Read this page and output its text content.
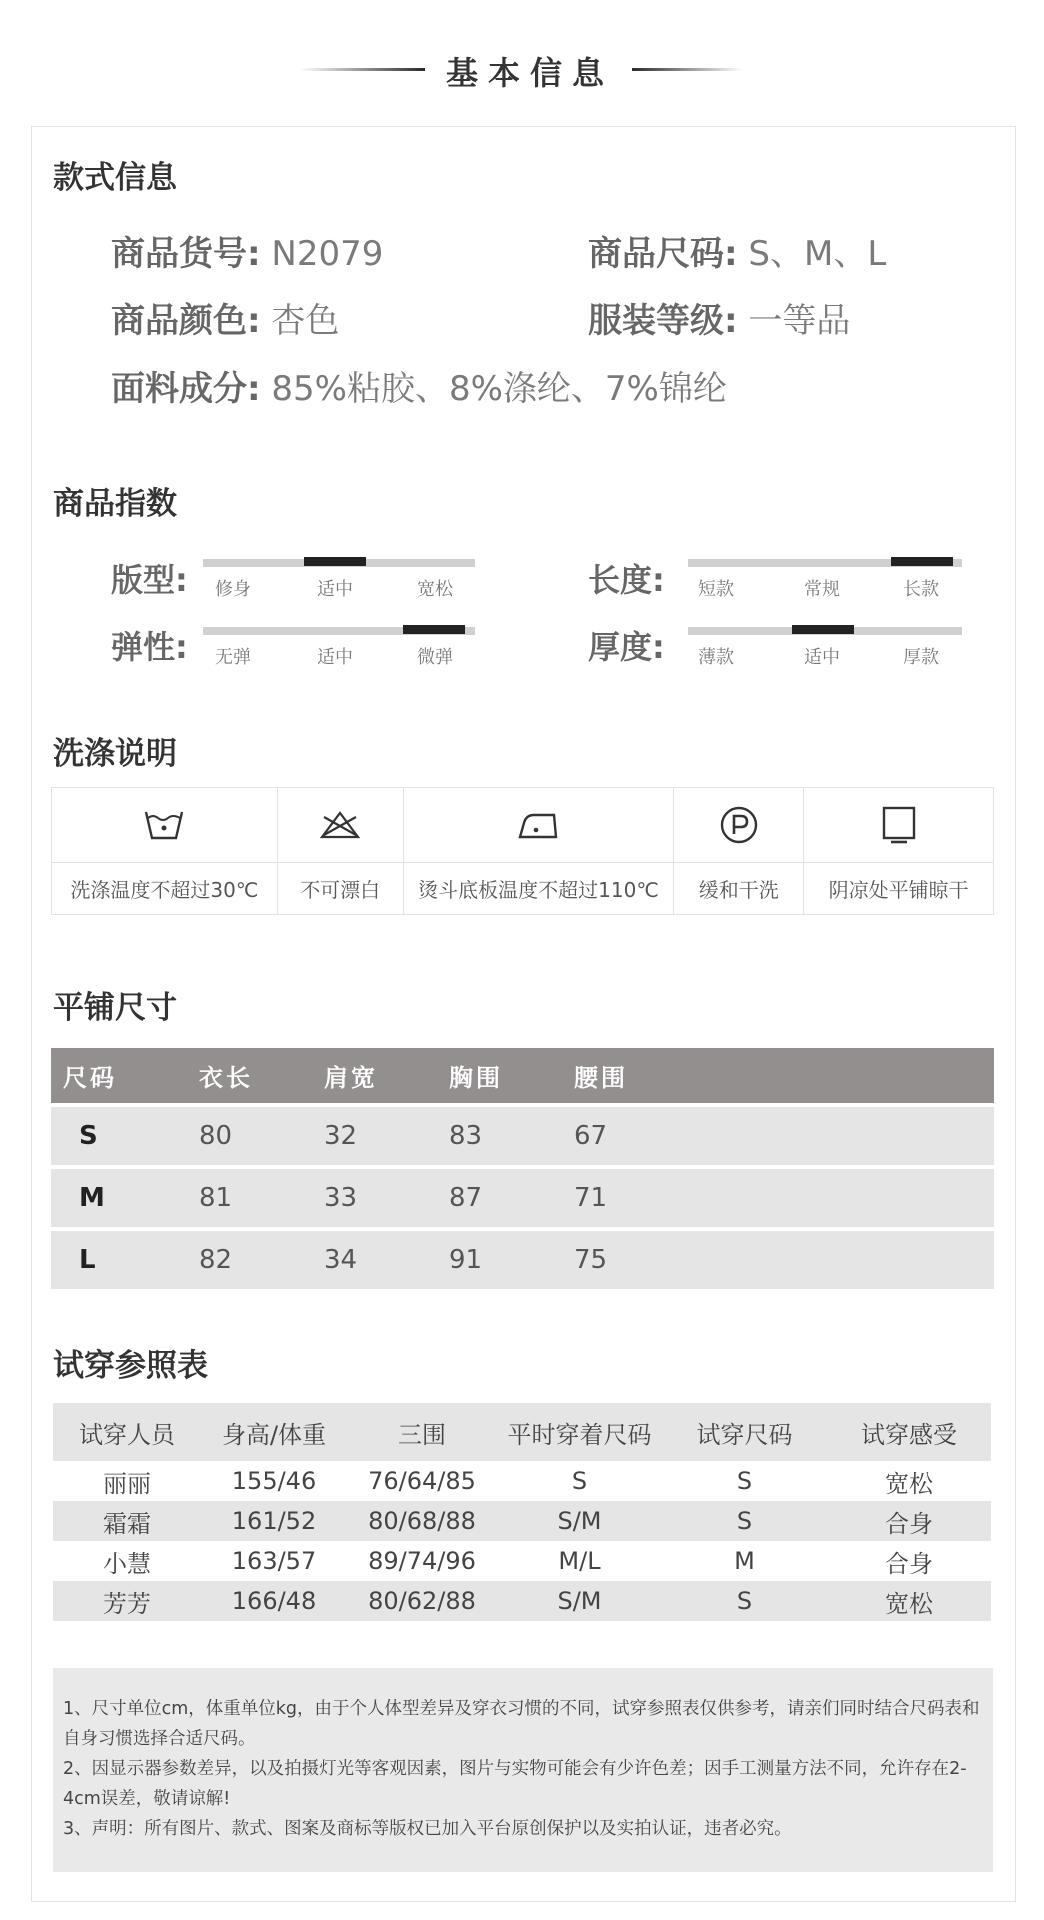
基本信息
款式信息
商品货号: N2079	商品尺码: S、M、L
商品颜色: 杏色	服装等级: 一等品
面料成分: 85%粘胶、8%涤纶、7%锦纶
商品指数
版型:	修身	适中	宽松	长度:	短款	常规	长款
弹性:	无弹	适中	微弹	厚度:	薄款	适中	厚款
洗涤说明

洗涤温度不超过30℃	不可漂白	烫斗底板温度不超过110℃	缓和干洗	阴凉处平铺晾干
平铺尺寸
尺码	衣长	肩宽	胸围	腰围
S	80	32	83	67
M	81	33	87	71
L	82	34	91	75
试穿参照表
试穿人员	身高/体重	三围	平时穿着尺码	试穿尺码	试穿感受
丽丽	155/46	76/64/85	S	S	宽松
霜霜	161/52	80/68/88	S/M	S	合身
小慧	163/57	89/74/96	M/L	M	合身
芳芳	166/48	80/62/88	S/M	S	宽松

1、尺寸单位cm，体重单位kg，由于个人体型差异及穿衣习惯的不同，试穿参照表仅供参考，请亲们同时结合尺码表和自身习惯选择合适尺码。

2、因显示器参数差异，以及拍摄灯光等客观因素，图片与实物可能会有少许色差；因手工测量方法不同，允许存在2-4cm误差，敬请谅解!

3、声明：所有图片、款式、图案及商标等版权已加入平台原创保护以及实拍认证，违者必究。
